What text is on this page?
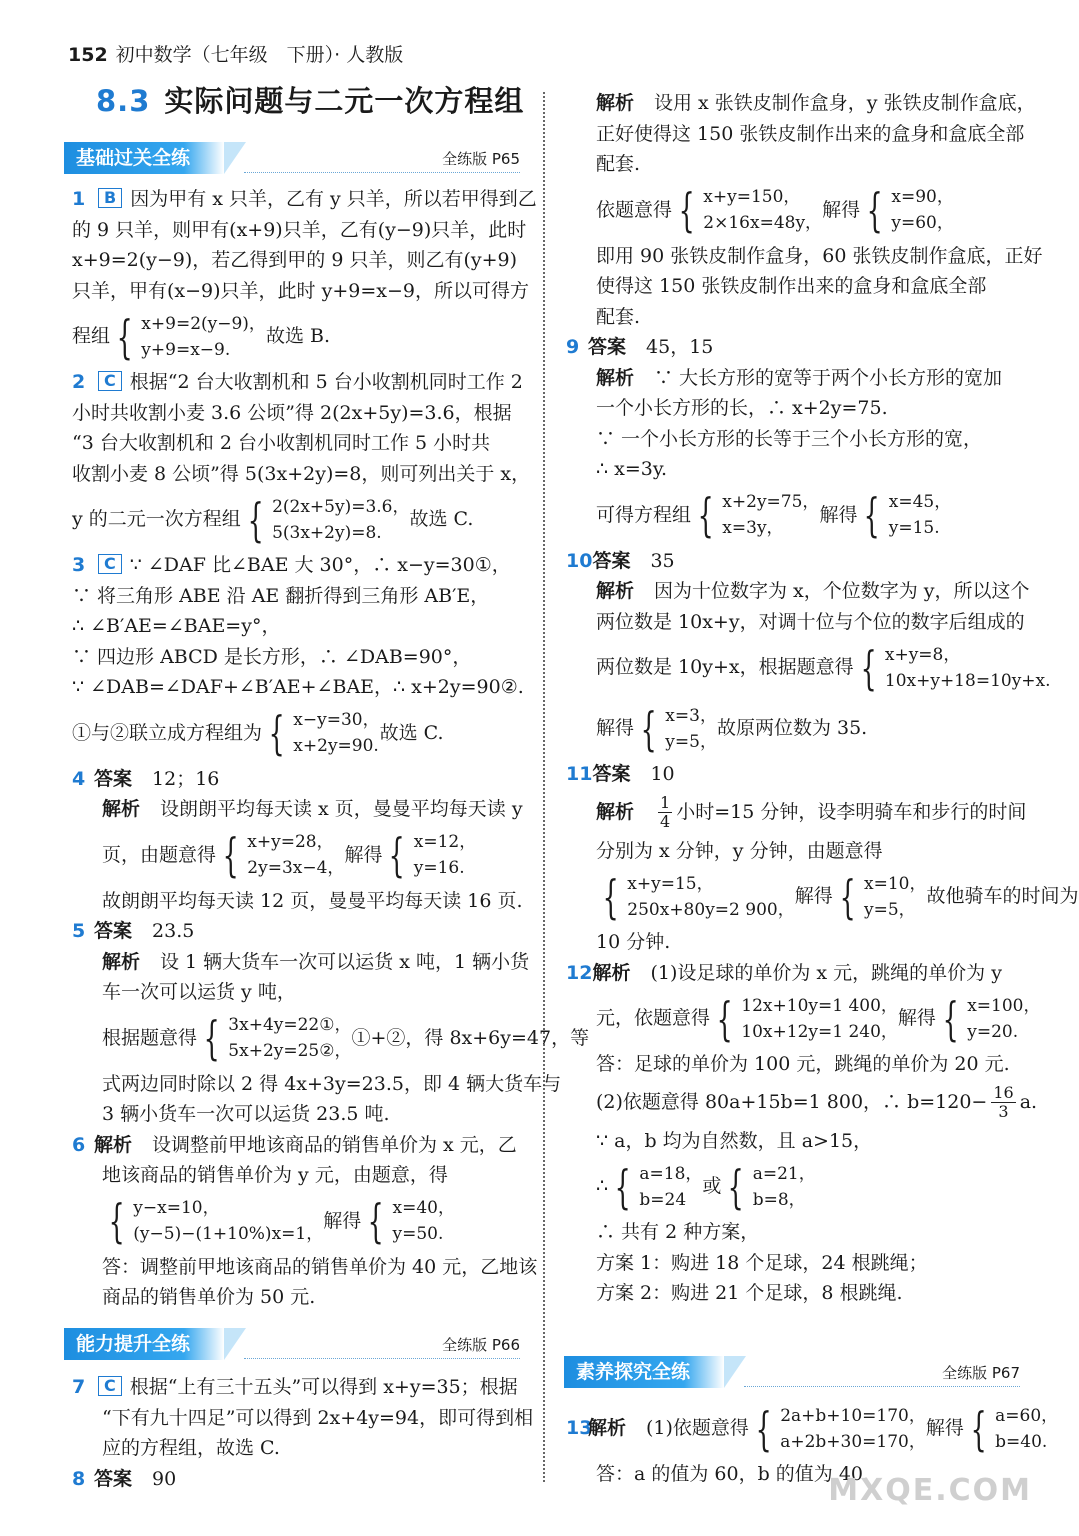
152 初中数学（七年级　下册）· 人教版
8.3 实际问题与二元一次方程组
基础过关全练	全练版 P65
能力提升全练	全练版 P66
素养探究全练	全练版 P67
1 B 因为甲有 x 只羊，乙有 y 只羊，所以若甲得到乙
的 9 只羊，则甲有(x+9)只羊，乙有(y−9)只羊，此时
x+9=2(y−9)，若乙得到甲的 9 只羊，则乙有(y+9)
只羊，甲有(x−9)只羊，此时 y+9=x−9，所以可得方
程组 { x+9=2(y−9)，
y+9=x−9.
故选 B.
2 C 根据“2 台大收割机和 5 台小收割机同时工作 2
小时共收割小麦 3.6 公顷”得 2(2x+5y)=3.6，根据
“3 台大收割机和 2 台小收割机同时工作 5 小时共
收割小麦 8 公顷”得 5(3x+2y)=8，则可列出关于 x，
y 的二元一次方程组 { 2(2x+5y)=3.6，
5(3x+2y)=8.
故选 C.
3 C ∵ ∠DAF 比∠BAE 大 30°，∴ x−y=30①，
∵ 将三角形 ABE 沿 AE 翻折得到三角形 AB′E，
∴ ∠B′AE=∠BAE=y°，
∵ 四边形 ABCD 是长方形，∴ ∠DAB=90°，
∵ ∠DAB=∠DAF+∠B′AE+∠BAE，∴ x+2y=90②.
①与②联立成方程组为 { x−y=30，
x+2y=90.
故选 C.
4 答案 12；16
解析 设朗朗平均每天读 x 页，曼曼平均每天读 y
页，由题意得 { x+y=28，
2y=3x−4，
解得 { x=12，
y=16.
故朗朗平均每天读 12 页，曼曼平均每天读 16 页.
5 答案 23.5
解析 设 1 辆大货车一次可以运货 x 吨，1 辆小货
车一次可以运货 y 吨，
根据题意得 { 3x+4y=22①，
5x+2y=25②，
①+②，得 8x+6y=47，等
式两边同时除以 2 得 4x+3y=23.5，即 4 辆大货车与
3 辆小货车一次可以运货 23.5 吨.
6 解析 设调整前甲地该商品的销售单价为 x 元，乙
地该商品的销售单价为 y 元，由题意，得
{ y−x=10，
(y−5)−(1+10%)x=1，
解得 { x=40，
y=50.
答：调整前甲地该商品的销售单价为 40 元，乙地该
商品的销售单价为 50 元.
7 C 根据“上有三十五头”可以得到 x+y=35；根据
“下有九十四足”可以得到 2x+4y=94，即可得到相
应的方程组，故选 C.
8 答案 90
解析 设用 x 张铁皮制作盒身，y 张铁皮制作盒底，
正好使得这 150 张铁皮制作出来的盒身和盒底全部
配套.
依题意得 { x+y=150，
2×16x=48y，
解得 { x=90，
y=60，
即用 90 张铁皮制作盒身，60 张铁皮制作盒底，正好
使得这 150 张铁皮制作出来的盒身和盒底全部
配套.
9 答案 45，15
解析 ∵ 大长方形的宽等于两个小长方形的宽加
一个小长方形的长，∴ x+2y=75.
∵ 一个小长方形的长等于三个小长方形的宽，
∴ x=3y.
可得方程组 { x+2y=75，
x=3y，
解得 { x=45，
y=15.
10答案 35
解析 因为十位数字为 x，个位数字为 y，所以这个
两位数是 10x+y，对调十位与个位的数字后组成的
两位数是 10y+x，根据题意得 { x+y=8，
10x+y+18=10y+x.
解得 { x=3，
y=5，
故原两位数为 35.
11答案 10
解析 $\frac{1}{4}$ 小时=15 分钟，设李明骑车和步行的时间
分别为 x 分钟，y 分钟，由题意得
{ x+y=15，
250x+80y=2 900，
解得 { x=10，
y=5，
故他骑车的时间为
10 分钟.
12解析 (1)设足球的单价为 x 元，跳绳的单价为 y
元，依题意得 { 12x+10y=1 400，
10x+12y=1 240，
解得 { x=100，
y=20.
答：足球的单价为 100 元，跳绳的单价为 20 元.
(2)依题意得 80a+15b=1 800，∴ $b=120- \frac{16}{3} a$.
∵ a，b 均为自然数，且 a>15，
∴ { a=18，
b=24
或 { a=21，
b=8，
∴ 共有 2 种方案，
方案 1：购进 18 个足球，24 根跳绳；
方案 2：购进 21 个足球，8 根跳绳.
13
解析 (1)依题意得 { 2a+b+10=170，
a+2b+30=170，
解得 { a=60，
b=40.
答：a 的值为 60，b 的值为 40.
MXQE.COM
